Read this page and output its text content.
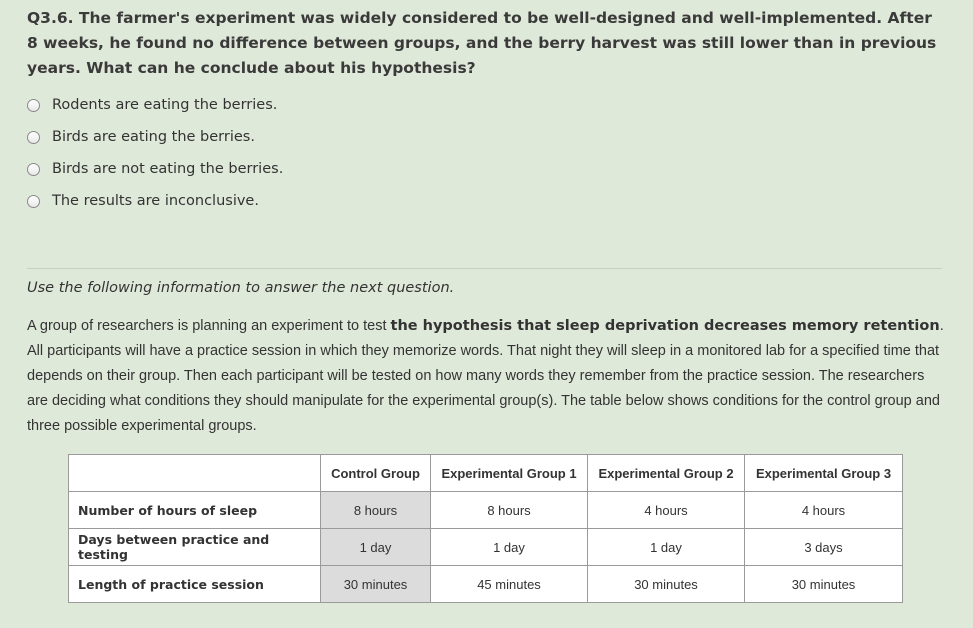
Q3.6. The farmer's experiment was widely considered to be well-designed and well-implemented. After 8 weeks, he found no difference between groups, and the berry harvest was still lower than in previous years. What can he conclude about his hypothesis?
Rodents are eating the berries.
Birds are eating the berries.
Birds are not eating the berries.
The results are inconclusive.
Use the following information to answer the next question.
A group of researchers is planning an experiment to test the hypothesis that sleep deprivation decreases memory retention. All participants will have a practice session in which they memorize words. That night they will sleep in a monitored lab for a specified time that depends on their group. Then each participant will be tested on how many words they remember from the practice session. The researchers are deciding what conditions they should manipulate for the experimental group(s). The table below shows conditions for the control group and three possible experimental groups.
	Control Group	Experimental Group 1	Experimental Group 2	Experimental Group 3
Number of hours of sleep	8 hours	8 hours	4 hours	4 hours
Days between practice and testing	1 day	1 day	1 day	3 days
Length of practice session	30 minutes	45 minutes	30 minutes	30 minutes
